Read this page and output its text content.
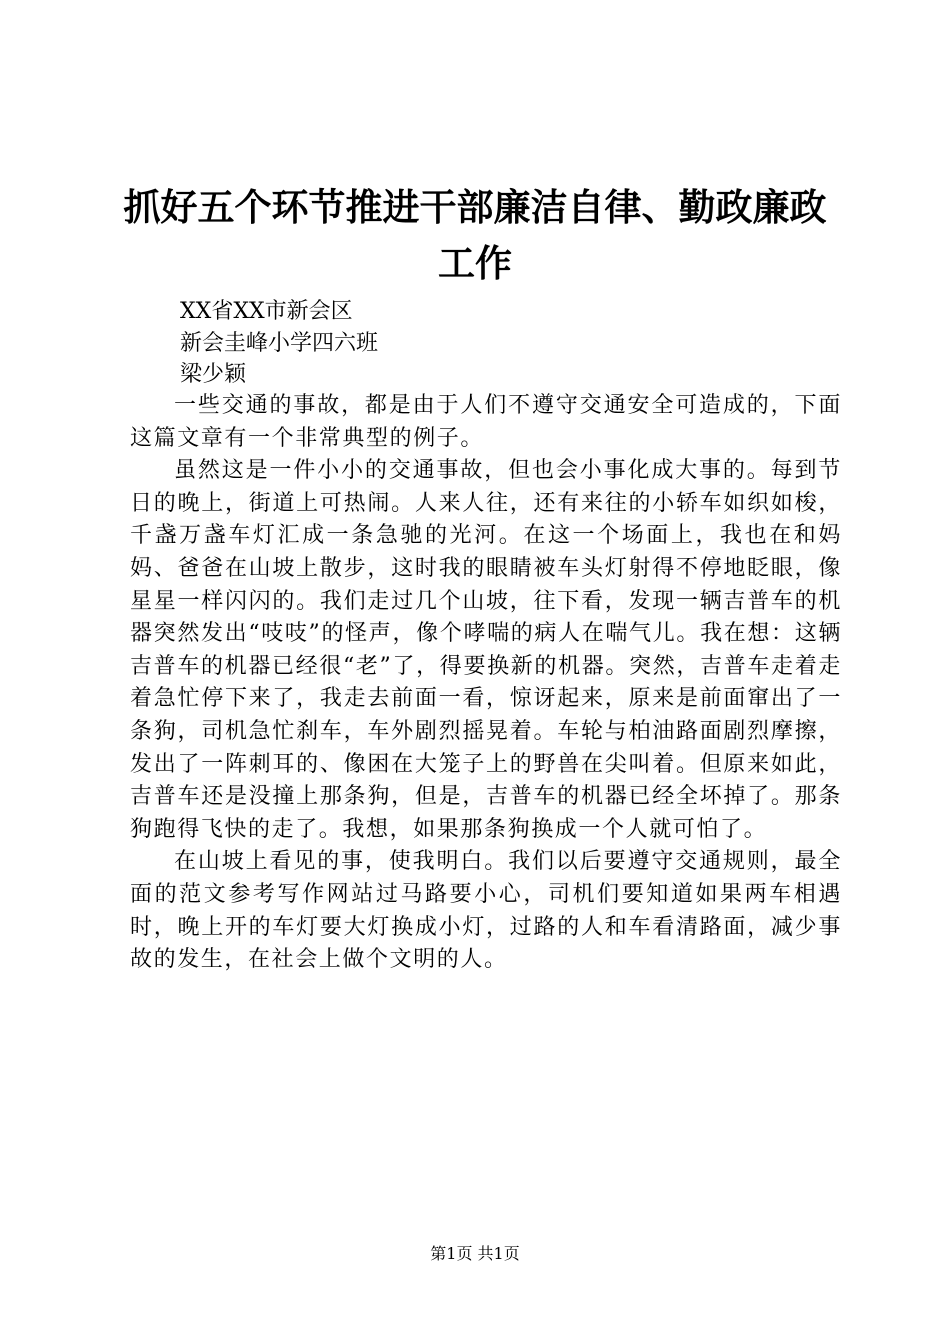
抓好五个环节推进干部廉洁自律、勤政廉政工作
XX省XX市新会区
新会圭峰小学四六班
梁少颖

一些交通的事故，都是由于人们不遵守交通安全可造成的，下面这篇文章有一个非常典型的例子。

虽然这是一件小小的交通事故，但也会小事化成大事的。每到节日的晚上，街道上可热闹。人来人往，还有来往的小轿车如织如梭，千盏万盏车灯汇成一条急驰的光河。在这一个场面上，我也在和妈妈、爸爸在山坡上散步，这时我的眼睛被车头灯射得不停地眨眼，像星星一样闪闪的。我们走过几个山坡，往下看，发现一辆吉普车的机器突然发出“吱吱”的怪声，像个哮喘的病人在喘气儿。我在想：这辆吉普车的机器已经很“老”了，得要换新的机器。突然，吉普车走着走着急忙停下来了，我走去前面一看，惊讶起来，原来是前面窜出了一条狗，司机急忙刹车，车外剧烈摇晃着。车轮与柏油路面剧烈摩擦，发出了一阵刺耳的、像困在大笼子上的野兽在尖叫着。但原来如此，吉普车还是没撞上那条狗，但是，吉普车的机器已经全坏掉了。那条狗跑得飞快的走了。我想，如果那条狗换成一个人就可怕了。

在山坡上看见的事，使我明白。我们以后要遵守交通规则，最全面的范文参考写作网站过马路要小心，司机们要知道如果两车相遇时，晚上开的车灯要大灯换成小灯，过路的人和车看清路面，减少事故的发生，在社会上做个文明的人。

第1页 共1页
